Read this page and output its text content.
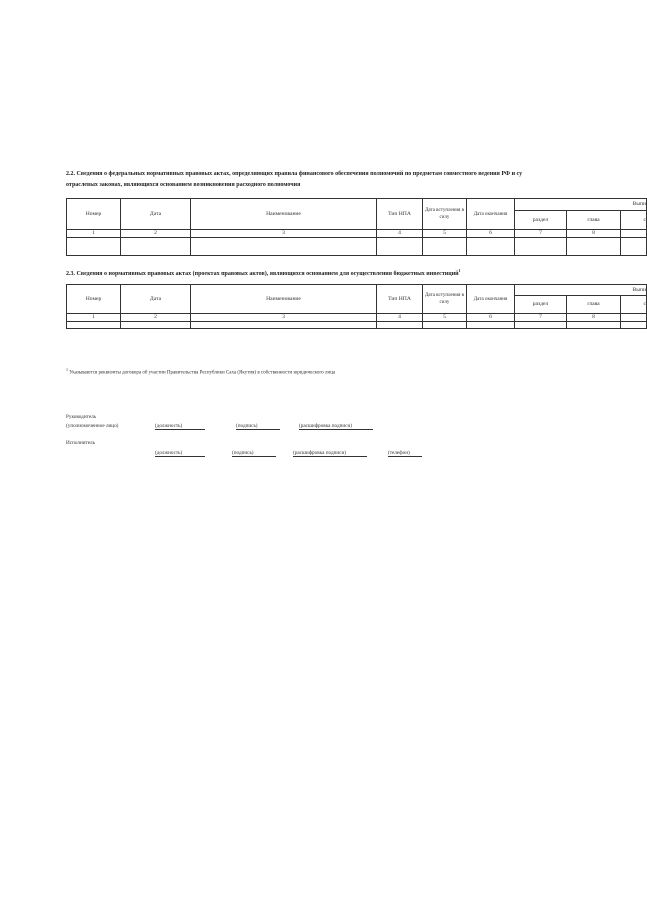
2.2. Сведения о федеральных нормативных правовых актах, определяющих правила финансового обеспечения полномочий по предметам совместного ведения РФ и су
отраслевых законах, являющихся основанием возникновения расходного полномочия
Номер	Дата	Наименование	Тип НПА	Дата вступления в силу	Дата окончания	Выпи		
						раздел	глава	с
1	2	3	4	5	6	7	8	

2.3. Сведения о нормативных правовых актах (проектах правовых актов), являющихся основанием для осуществления бюджетных инвестиций$^1$
Номер	Дата	Наименование	Тип НПА	Дата вступления в силу	Дата окончания	Выпи		
						раздел	глава	с
1	2	3	4	5	6	7	8	

$^1$ Указываются реквизиты договора об участии Правительства Республики Саха (Якутия) в собственности юридического лица
Руководитель
(уполномоченное лицо)	(должность)	(подпись)	(расшифровка подписи)
Исполнитель
(должность)	(подпись)	(расшифровка подписи)	(телефон)
